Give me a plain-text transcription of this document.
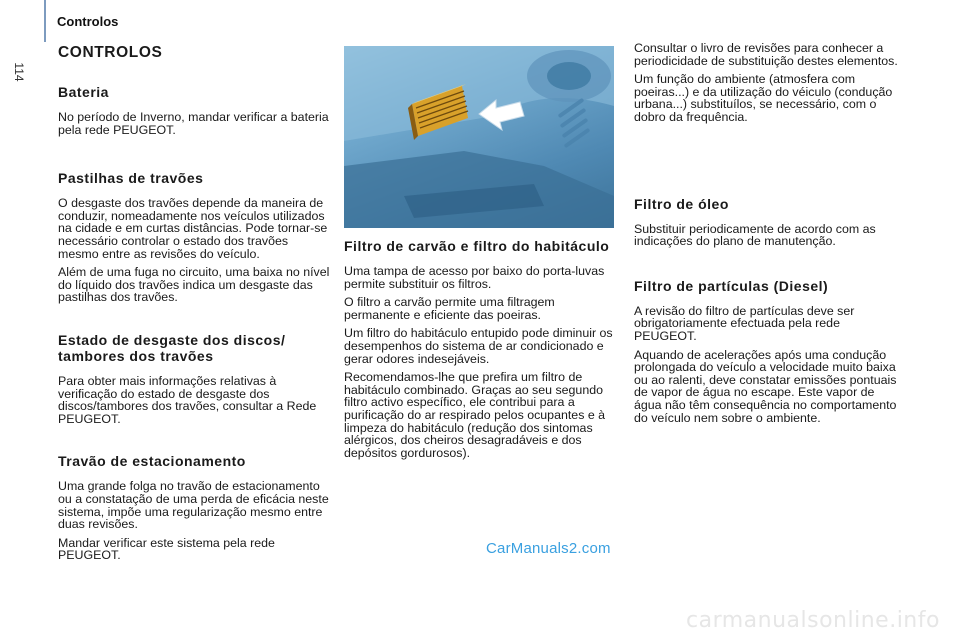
114
Controlos
CONTROLOS
Bateria

No período de Inverno, mandar verificar a bateria pela rede PEUGEOT.

Pastilhas de travões

O desgaste dos travões depende da maneira de conduzir, nomeadamente nos veículos utilizados na cidade e em curtas distâncias. Pode tornar-se necessário controlar o estado dos travões mesmo entre as revisões do veículo.

Além de uma fuga no circuito, uma baixa no nível do líquido dos travões indica um desgaste das pastilhas dos travões.

Estado de desgaste dos discos/ tambores dos travões

Para obter mais informações relativas à verificação do estado de desgaste dos discos/tambores dos travões, consultar a Rede PEUGEOT.

Travão de estacionamento

Uma grande folga no travão de estacionamento ou a constatação de uma perda de eficácia neste sistema, impõe uma regularização mesmo entre duas revisões.

Mandar verificar este sistema pela rede PEUGEOT.

Filtro de carvão e filtro do habitáculo

Uma tampa de acesso por baixo do porta-luvas permite substituir os filtros.

O filtro a carvão permite uma filtragem permanente e eficiente das poeiras.

Um filtro do habitáculo entupido pode diminuir os desempenhos do sistema de ar condicionado e gerar odores indesejáveis.

Recomendamos-lhe que prefira um filtro de habitáculo combinado. Graças ao seu segundo filtro activo específico, ele contribui para a purificação do ar respirado pelos ocupantes e à limpeza do habitáculo (redução dos sintomas alérgicos, dos cheiros desagradáveis e dos depósitos gordurosos).

Consultar o livro de revisões para conhecer a periodicidade de substituição destes elementos.

Um função do ambiente (atmosfera com poeiras...) e da utilização do véiculo (condução urbana...) substituílos, se necessário, com o dobro da frequência.

Filtro de óleo

Substituir periodicamente de acordo com as indicações do plano de manutenção.

Filtro de partículas (Diesel)

A revisão do filtro de partículas deve ser obrigatoriamente efectuada pela rede PEUGEOT.

Aquando de acelerações após uma condução prolongada do veículo a velocidade muito baixa ou ao ralenti, deve constatar emissões pontuais de vapor de água no escape. Este vapor de água não têm consequência no comportamento do veículo nem sobre o ambiente.

CarManuals2.com
carmanualsonline.info
